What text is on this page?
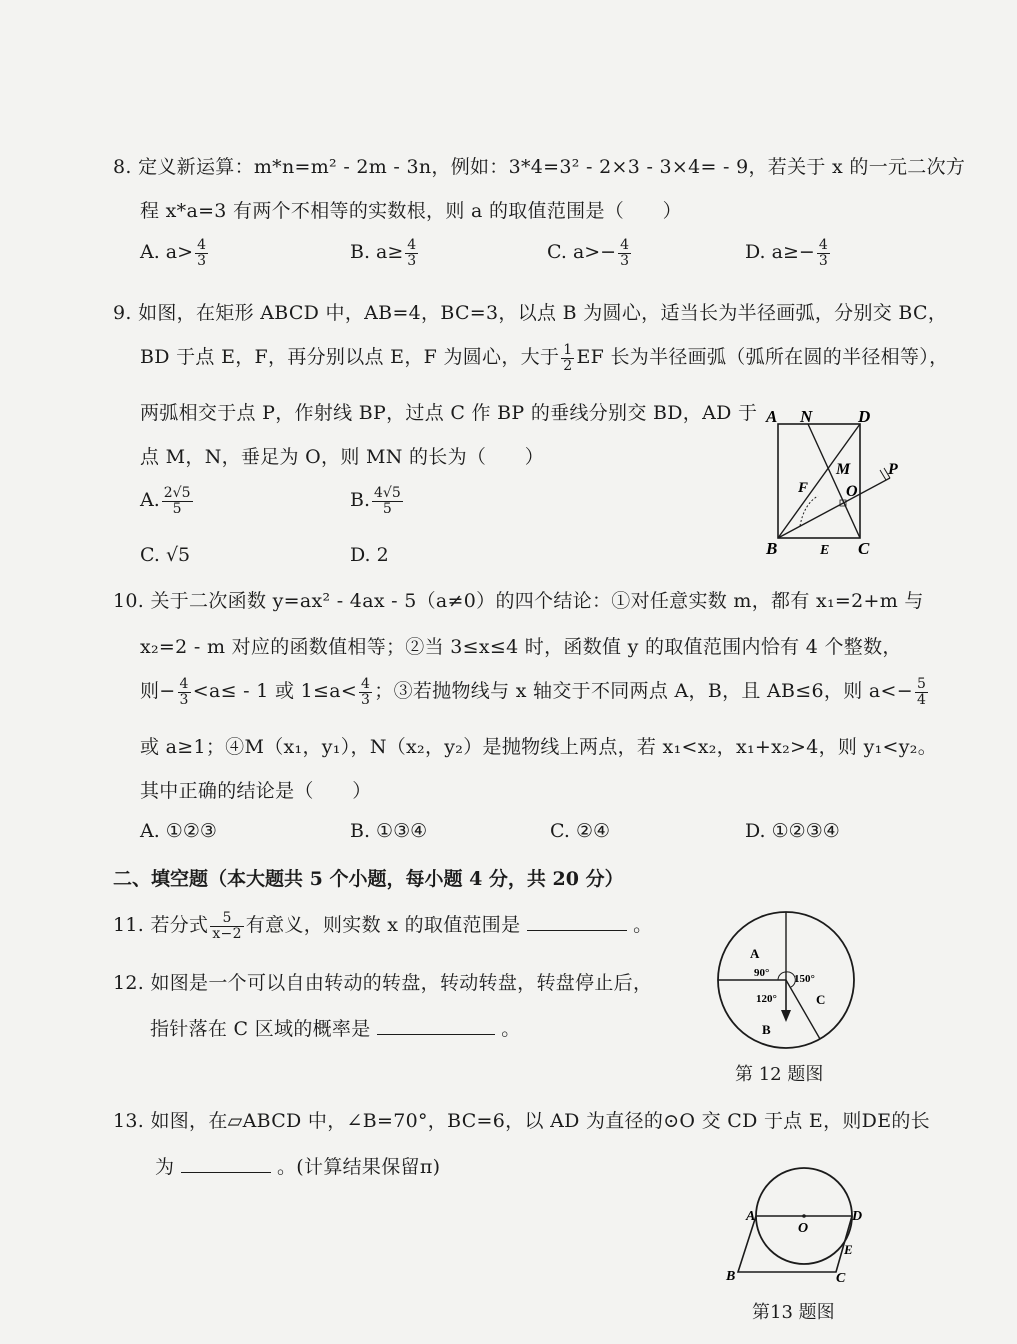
8. 定义新运算：m*n=m² - 2m - 3n，例如：3*4=3² - 2×3 - 3×4= - 9，若关于 x 的一元二次方
程 x*a=3 有两个不相等的实数根，则 a 的取值范围是（　　）
A. $a> \frac{4}{3}$	B. $a\ge \frac{4}{3}$	C. $a>- \frac{4}{3}$	D. $a\ge- \frac{4}{3}$
9. 如图，在矩形 ABCD 中，AB=4，BC=3，以点 B 为圆心，适当长为半径画弧，分别交 BC，
BD 于点 E，F，再分别以点 E，F 为圆心，大于 $\frac{1}{2}$ EF 长为半径画弧（弧所在圆的半径相等），
两弧相交于点 P，作射线 BP，过点 C 作 BP 的垂线分别交 BD，AD 于
点 M，N，垂足为 O，则 MN 的长为（　　）
A. $\frac{2√5}{5}$	B. $\frac{4√5}{5}$
C. √5	D. 2
A N	D
M P
F O
B	E C
10. 关于二次函数 y=ax² - 4ax - 5（a≠0）的四个结论：①对任意实数 m，都有 x₁=2+m 与
x₂=2 - m 对应的函数值相等；②当 3≤x≤4 时，函数值 y 的取值范围内恰有 4 个整数，
则− $\frac{4}{3} <a\le - 1$ 或 $1\le a< \frac{4}{3}$ ；③若抛物线与 x 轴交于不同两点 A，B，且 AB≤6，则 $a<- \frac{5}{4}$
或 a≥1；④M（x₁，y₁），N（x₂，y₂）是抛物线上两点，若 x₁<x₂，x₁+x₂>4，则 y₁<y₂。
其中正确的结论是（　　）
A. ①②③	B. ①③④	C. ②④	D. ①②③④
二、填空题（本大题共 5 个小题，每小题 4 分，共 20 分）
11. 若分式 $\frac{5}{x-2}$ 有意义，则实数 x 的取值范围是	。
12. 如图是一个可以自由转动的转盘，转动转盘，转盘停止后，
指针落在 C 区域的概率是	。
A
C
B
90° 150°
120°
第 12 题图
13. 如图，在▱ABCD 中，∠B=70°，BC=6，以 AD 为直径的⊙O 交 CD 于点 E，则DE的长
为	。(计算结果保留π)
A	D
O
E
B	C
第13 题图
